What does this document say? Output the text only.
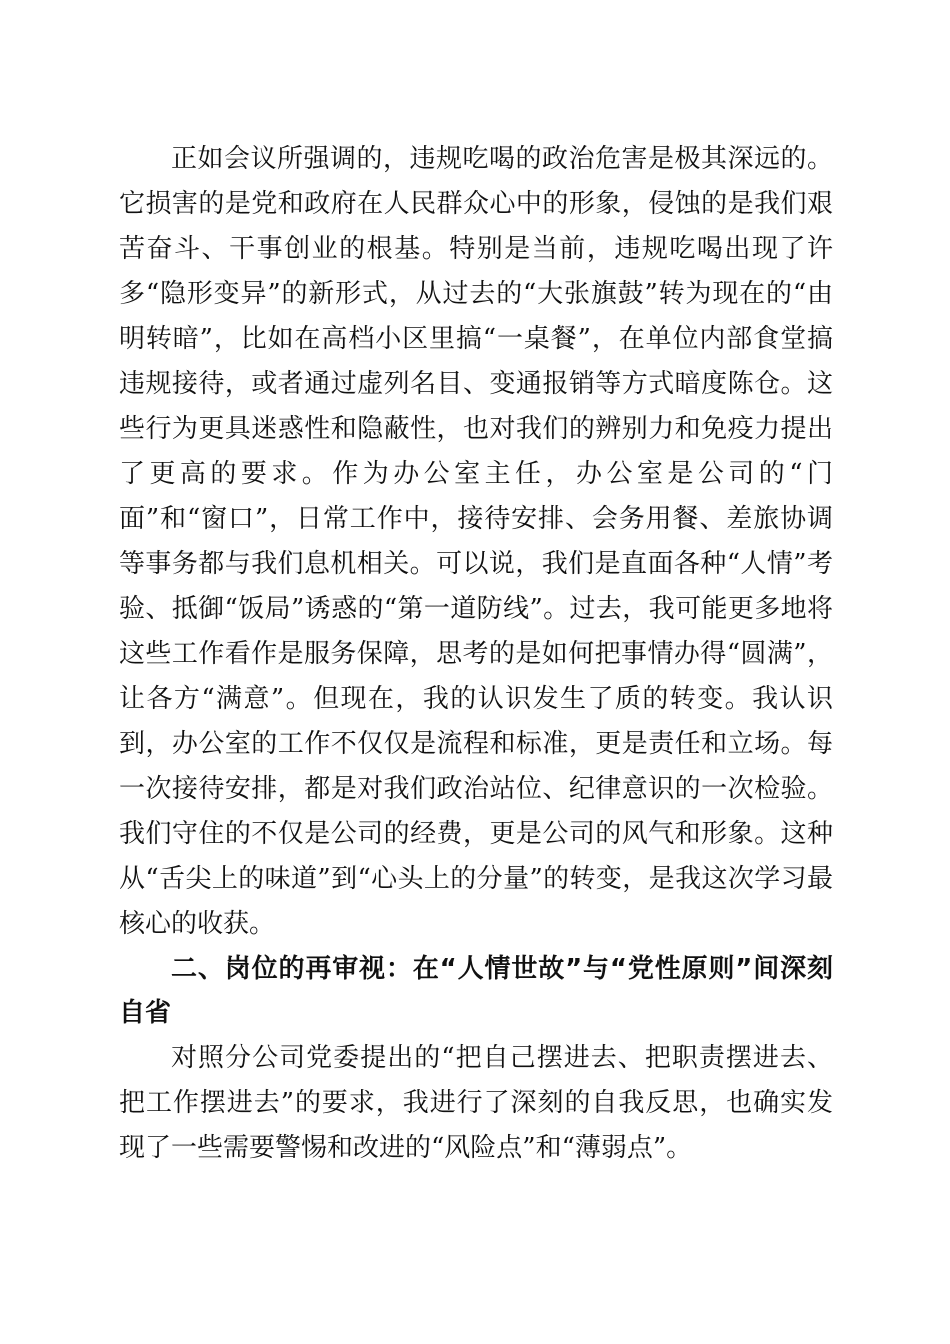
正如会议所强调的，违规吃喝的政治危害是极其深远的。它损害的是党和政府在人民群众心中的形象，侵蚀的是我们艰苦奋斗、干事创业的根基。特别是当前，违规吃喝出现了许多“隐形变异”的新形式，从过去的“大张旗鼓”转为现在的“由明转暗”，比如在高档小区里搞“一桌餐”，在单位内部食堂搞违规接待，或者通过虚列名目、变通报销等方式暗度陈仓。这些行为更具迷惑性和隐蔽性，也对我们的辨别力和免疫力提出了更高的要求。作为办公室主任，办公室是公司的“门面”和“窗口”，日常工作中，接待安排、会务用餐、差旅协调等事务都与我们息机相关。可以说，我们是直面各种“人情”考验、抵御“饭局”诱惑的“第一道防线”。过去，我可能更多地将这些工作看作是服务保障，思考的是如何把事情办得“圆满”，让各方“满意”。但现在，我的认识发生了质的转变。我认识到，办公室的工作不仅仅是流程和标准，更是责任和立场。每一次接待安排，都是对我们政治站位、纪律意识的一次检验。我们守住的不仅是公司的经费，更是公司的风气和形象。这种从“舌尖上的味道”到“心头上的分量”的转变，是我这次学习最核心的收获。

二、岗位的再审视：在“人情世故”与“党性原则”间深刻自省

对照分公司党委提出的“把自己摆进去、把职责摆进去、把工作摆进去”的要求，我进行了深刻的自我反思，也确实发现了一些需要警惕和改进的“风险点”和“薄弱点”。
